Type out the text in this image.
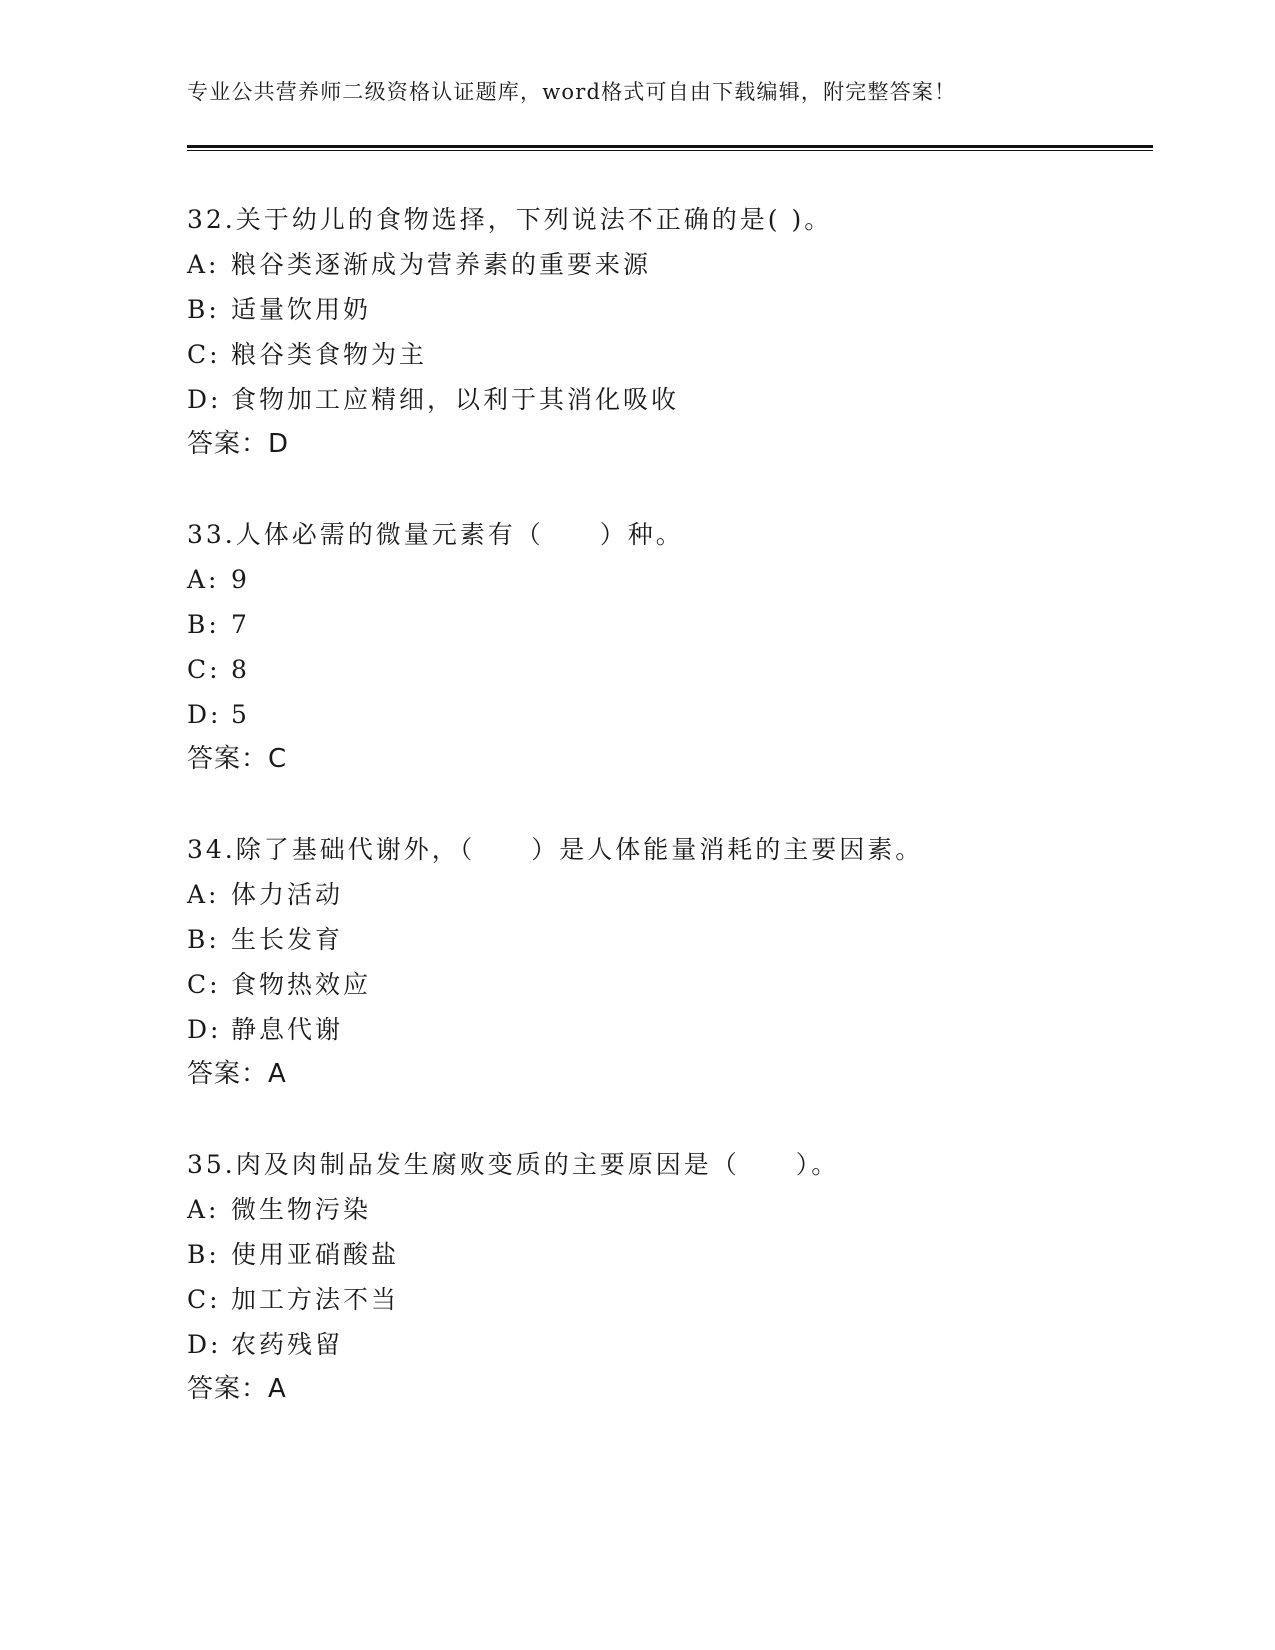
专业公共营养师二级资格认证题库，word格式可自由下载编辑，附完整答案！
32.关于幼儿的食物选择，下列说法不正确的是( )。
A: 粮谷类逐渐成为营养素的重要来源
B: 适量饮用奶
C: 粮谷类食物为主
D: 食物加工应精细，以利于其消化吸收
答案：D
33.人体必需的微量元素有（　　）种。
A: 9
B: 7
C: 8
D: 5
答案：C
34.除了基础代谢外，（　　）是人体能量消耗的主要因素。
A: 体力活动
B: 生长发育
C: 食物热效应
D: 静息代谢
答案：A
35.肉及肉制品发生腐败变质的主要原因是（　　）。
A: 微生物污染
B: 使用亚硝酸盐
C: 加工方法不当
D: 农药残留
答案：A
